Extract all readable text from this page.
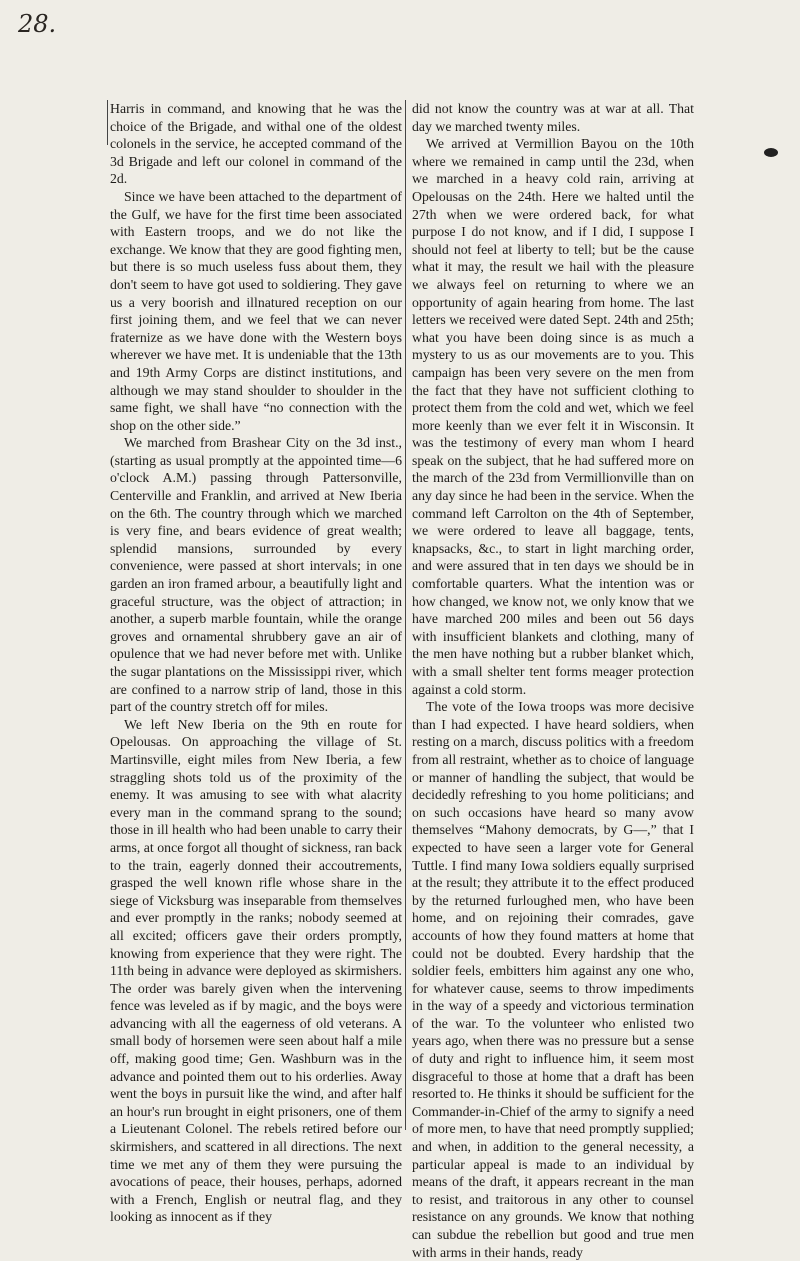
28.

Harris in command, and knowing that he was the choice of the Brigade, and withal one of the oldest colonels in the service, he accepted command of the 3d Brigade and left our colonel in command of the 2d.

Since we have been attached to the department of the Gulf, we have for the first time been associated with Eastern troops, and we do not like the exchange. We know that they are good fighting men, but there is so much useless fuss about them, they don't seem to have got used to soldiering. They gave us a very boorish and illnatured reception on our first joining them, and we feel that we can never fraternize as we have done with the Western boys wherever we have met. It is undeniable that the 13th and 19th Army Corps are distinct institutions, and although we may stand shoulder to shoulder in the same fight, we shall have “no connection with the shop on the other side.”

We marched from Brashear City on the 3d inst., (starting as usual promptly at the appointed time—6 o'clock A.M.) passing through Pattersonville, Centerville and Franklin, and arrived at New Iberia on the 6th. The country through which we marched is very fine, and bears evidence of great wealth; splendid mansions, surrounded by every convenience, were passed at short intervals; in one garden an iron framed arbour, a beautifully light and graceful structure, was the object of attraction; in another, a superb marble fountain, while the orange groves and ornamental shrubbery gave an air of opulence that we had never before met with. Unlike the sugar plantations on the Mississippi river, which are confined to a narrow strip of land, those in this part of the country stretch off for miles.

We left New Iberia on the 9th en route for Opelousas. On approaching the village of St. Martinsville, eight miles from New Iberia, a few straggling shots told us of the proximity of the enemy. It was amusing to see with what alacrity every man in the command sprang to the sound; those in ill health who had been unable to carry their arms, at once forgot all thought of sickness, ran back to the train, eagerly donned their accoutrements, grasped the well known rifle whose share in the siege of Vicksburg was inseparable from themselves and ever promptly in the ranks; nobody seemed at all excited; officers gave their orders promptly, knowing from experience that they were right. The 11th being in advance were deployed as skirmishers. The order was barely given when the intervening fence was leveled as if by magic, and the boys were advancing with all the eagerness of old veterans. A small body of horsemen were seen about half a mile off, making good time; Gen. Washburn was in the advance and pointed them out to his orderlies. Away went the boys in pursuit like the wind, and after half an hour's run brought in eight prisoners, one of them a Lieutenant Colonel. The rebels retired before our skirmishers, and scattered in all directions. The next time we met any of them they were pursuing the avocations of peace, their houses, perhaps, adorned with a French, English or neutral flag, and they looking as innocent as if they

did not know the country was at war at all. That day we marched twenty miles.

We arrived at Vermillion Bayou on the 10th where we remained in camp until the 23d, when we marched in a heavy cold rain, arriving at Opelousas on the 24th. Here we halted until the 27th when we were ordered back, for what purpose I do not know, and if I did, I suppose I should not feel at liberty to tell; but be the cause what it may, the result we hail with the pleasure we always feel on returning to where we an opportunity of again hearing from home. The last letters we received were dated Sept. 24th and 25th; what you have been doing since is as much a mystery to us as our movements are to you. This campaign has been very severe on the men from the fact that they have not sufficient clothing to protect them from the cold and wet, which we feel more keenly than we ever felt it in Wisconsin. It was the testimony of every man whom I heard speak on the subject, that he had suffered more on the march of the 23d from Vermillionville than on any day since he had been in the service. When the command left Carrolton on the 4th of September, we were ordered to leave all baggage, tents, knapsacks, &c., to start in light marching order, and were assured that in ten days we should be in comfortable quarters. What the intention was or how changed, we know not, we only know that we have marched 200 miles and been out 56 days with insufficient blankets and clothing, many of the men have nothing but a rubber blanket which, with a small shelter tent forms meager protection against a cold storm.

The vote of the Iowa troops was more decisive than I had expected. I have heard soldiers, when resting on a march, discuss politics with a freedom from all restraint, whether as to choice of language or manner of handling the subject, that would be decidedly refreshing to you home politicians; and on such occasions have heard so many avow themselves “Mahony democrats, by G—,” that I expected to have seen a larger vote for General Tuttle. I find many Iowa soldiers equally surprised at the result; they attribute it to the effect produced by the returned furloughed men, who have been home, and on rejoining their comrades, gave accounts of how they found matters at home that could not be doubted. Every hardship that the soldier feels, embitters him against any one who, for whatever cause, seems to throw impediments in the way of a speedy and victorious termination of the war. To the volunteer who enlisted two years ago, when there was no pressure but a sense of duty and right to influence him, it seem most disgraceful to those at home that a draft has been resorted to. He thinks it should be sufficient for the Commander-in-Chief of the army to signify a need of more men, to have that need promptly supplied; and when, in addition to the general necessity, a particular appeal is made to an individual by means of the draft, it appears recreant in the man to resist, and traitorous in any other to counsel resistance on any grounds. We know that nothing can subdue the rebellion but good and true men with arms in their hands, ready
